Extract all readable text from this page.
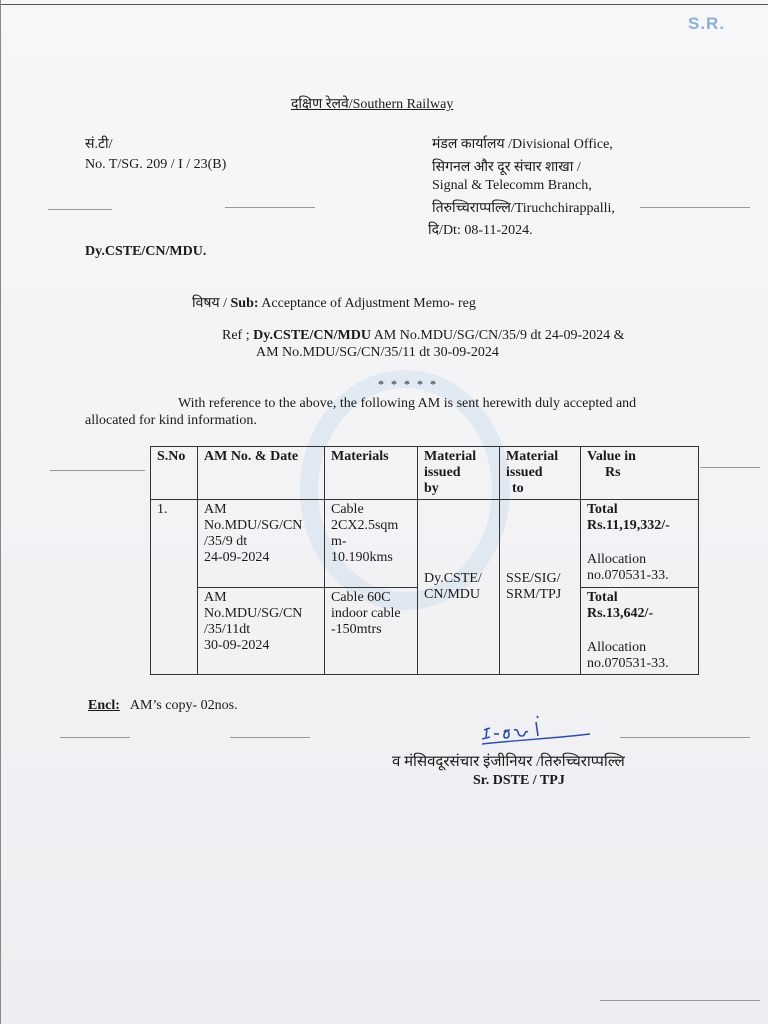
S.R.
दक्षिण रेलवे/Southern Railway
सं.टी/
No. T/SG. 209 / I / 23(B)
मंडल कार्यालय /Divisional Office,
सिगनल और दूर संचार शाखा /
Signal & Telecomm Branch,
तिरुच्चिराप्पल्लि/Tiruchchirappalli,
दि/Dt: 08-11-2024.
Dy.CSTE/CN/MDU.
विषय / Sub: Acceptance of Adjustment Memo- reg
Ref ; Dy.CSTE/CN/MDU AM No.MDU/SG/CN/35/9 dt 24-09-2024 &
AM No.MDU/SG/CN/35/11 dt 30-09-2024
* * * * *
With reference to the above, the following AM is sent herewith duly accepted and
allocated for kind information.
S.No	AM No. & Date	Materials	Material
issued
by	Material
issued
to	Value in
Rs

1.	AM
No.MDU/SG/CN
/35/9 dt
24-09-2024	Cable
2CX2.5sqm
m-
10.190kms	Dy.CSTE/
CN/MDU	SSE/SIG/
SRM/TPJ	Total
Rs.11,19,332/-
Allocation
no.070531-33.

	AM
No.MDU/SG/CN
/35/11dt
30-09-2024	Cable 60C
indoor cable
-150mtrs			Total
Rs.13,642/-
Allocation
no.070531-33.
Encl: AM’s copy- 02nos.
व मंसिवदूरसंचार इंजीनियर /तिरुच्चिराप्पल्लि
Sr. DSTE / TPJ
